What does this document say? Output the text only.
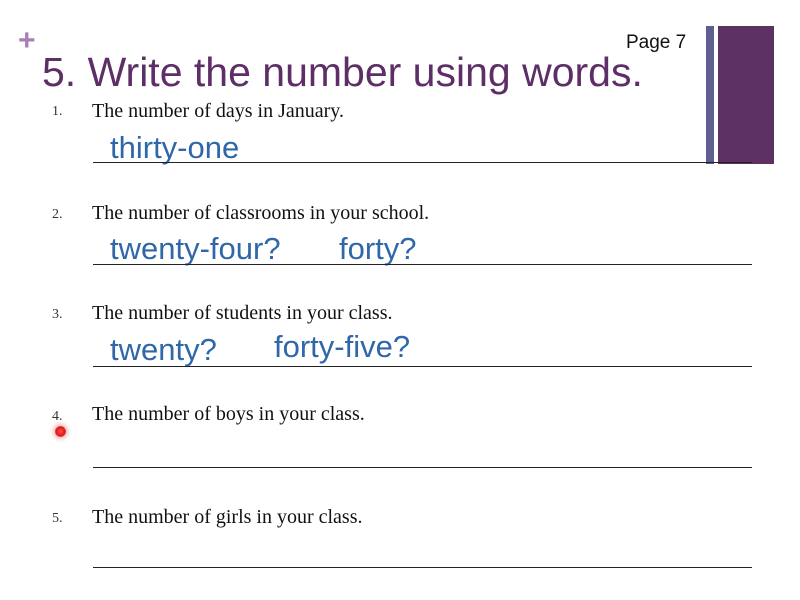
+	Page 7
5. Write the number using words.
1. The number of days in January.
thirty-one
2. The number of classrooms in your school.
twenty-four? forty?
3. The number of students in your class.
twenty? forty-five?
4. The number of boys in your class.
5. The number of girls in your class.
